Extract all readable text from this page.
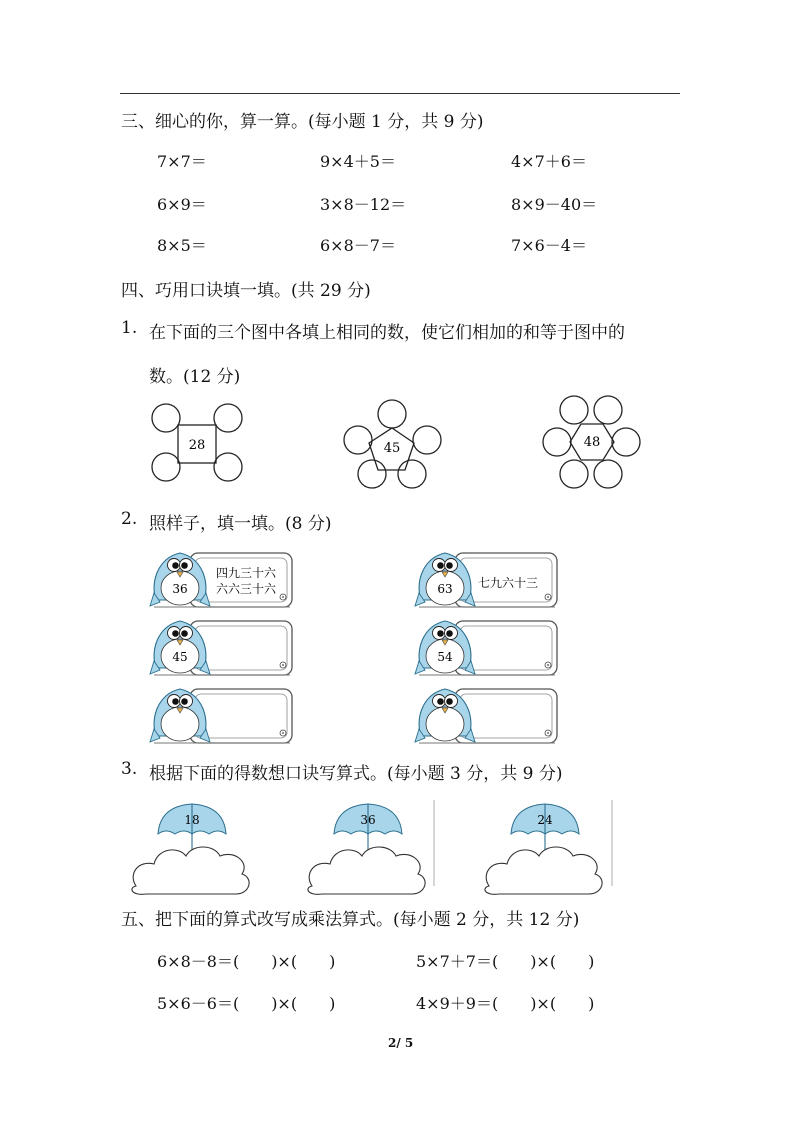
三、细心的你，算一算。(每小题 1 分，共 9 分)
7×7＝	9×4＋5＝	4×7＋6＝
6×9＝	3×8－12＝	8×9－40＝
8×5＝	6×8－7＝	7×6－4＝
四、巧用口诀填一填。(共 29 分)
1. 在下面的三个图中各填上相同的数，使它们相加的和等于图中的
数。(12 分)
28	45	48
2. 照样子，填一填。(8 分)
36
45
63
54
四九三十六
六六三十六	七九六十三
3. 根据下面的得数想口诀写算式。(每小题 3 分，共 9 分)
18	36	24
五、把下面的算式改写成乘法算式。(每小题 2 分，共 12 分)
6×8－8＝(　　)×(　　)	5×7＋7＝(　　)×(　　)
5×6－6＝(　　)×(　　)	4×9＋9＝(　　)×(　　)
2/ 5
